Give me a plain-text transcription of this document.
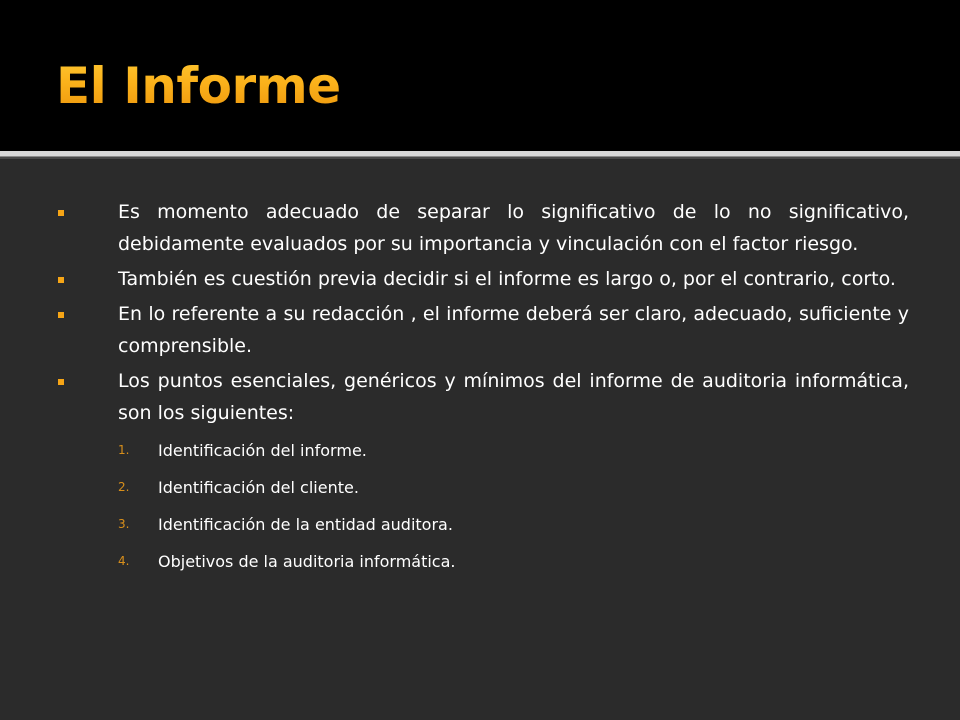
El Informe
Es momento adecuado de separar lo significativo de lo no significativo, debidamente evaluados por su importancia y vinculación con el factor riesgo.
También es cuestión previa decidir si el informe es largo o, por el contrario, corto.
En lo referente a su redacción , el informe deberá ser claro, adecuado, suficiente y comprensible.
Los puntos esenciales, genéricos y mínimos del informe de auditoria informática, son los siguientes:
1. Identificación del informe.
2. Identificación del cliente.
3. Identificación de la entidad auditora.
4. Objetivos de la auditoria informática.
